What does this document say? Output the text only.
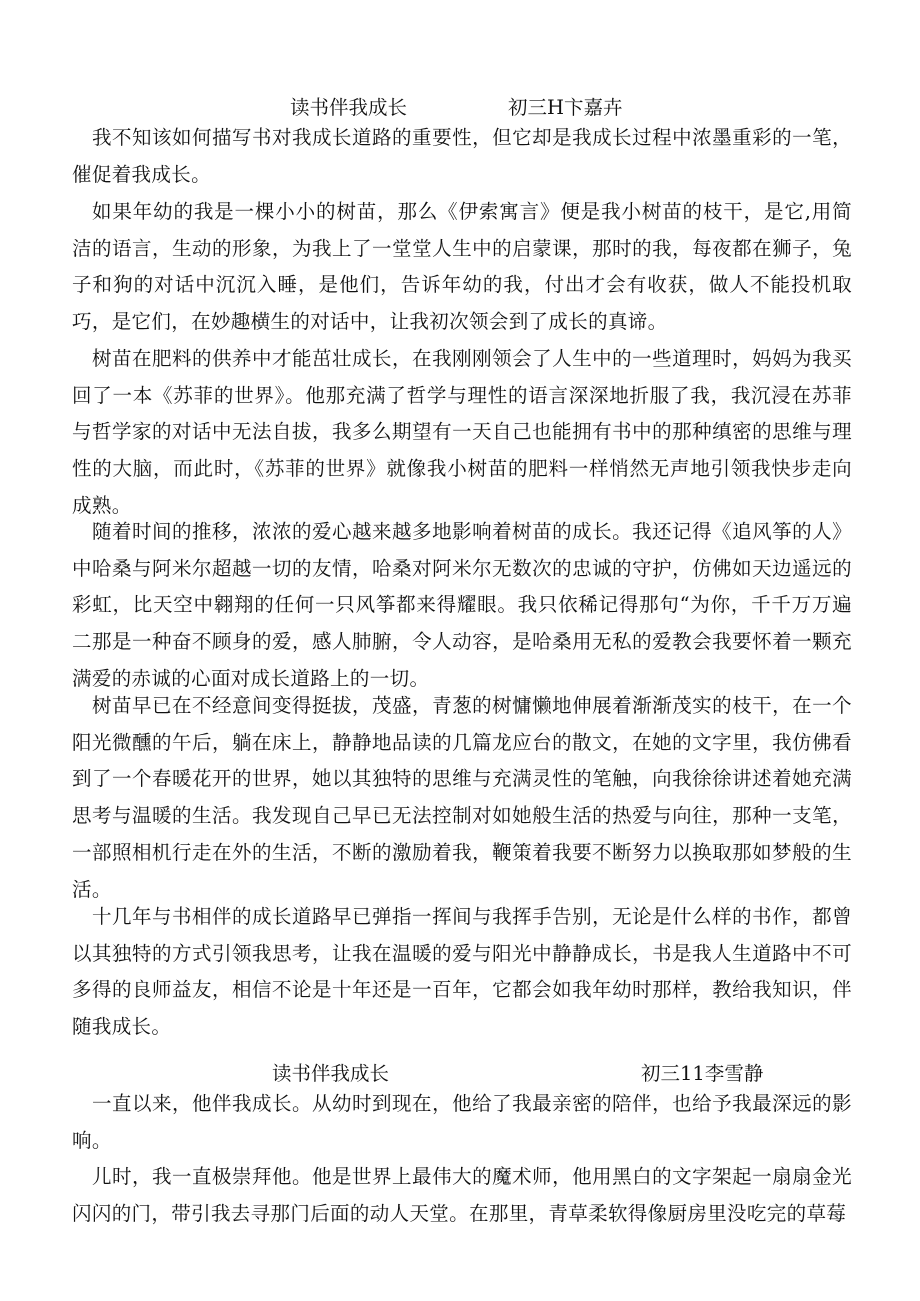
读书伴我成长	初三H卞嘉卉

我不知该如何描写书对我成长道路的重要性，但它却是我成长过程中浓墨重彩的一笔，催促着我成长。

如果年幼的我是一棵小小的树苗，那么《伊索寓言》便是我小树苗的枝干，是它,用简洁的语言，生动的形象，为我上了一堂堂人生中的启蒙课，那时的我，每夜都在狮子，兔子和狗的对话中沉沉入睡，是他们，告诉年幼的我，付出才会有收获，做人不能投机取巧，是它们，在妙趣横生的对话中，让我初次领会到了成长的真谛。

树苗在肥料的供养中才能茁壮成长，在我刚刚领会了人生中的一些道理时，妈妈为我买回了一本《苏菲的世界》。他那充满了哲学与理性的语言深深地折服了我，我沉浸在苏菲与哲学家的对话中无法自拔，我多么期望有一天自己也能拥有书中的那种缜密的思维与理性的大脑，而此时，《苏菲的世界》就像我小树苗的肥料一样悄然无声地引领我快步走向成熟。

随着时间的推移，浓浓的爱心越来越多地影响着树苗的成长。我还记得《追风筝的人》中哈桑与阿米尔超越一切的友情，哈桑对阿米尔无数次的忠诚的守护，仿佛如天边遥远的彩虹，比天空中翱翔的任何一只风筝都来得耀眼。我只依稀记得那句“为你，千千万万遍二那是一种奋不顾身的爱，感人肺腑，令人动容，是哈桑用无私的爱教会我要怀着一颗充满爱的赤诚的心面对成长道路上的一切。

树苗早已在不经意间变得挺拔，茂盛，青葱的树慵懒地伸展着渐渐茂实的枝干，在一个阳光微醺的午后，躺在床上，静静地品读的几篇龙应台的散文，在她的文字里，我仿佛看到了一个春暖花开的世界，她以其独特的思维与充满灵性的笔触，向我徐徐讲述着她充满思考与温暖的生活。我发现自己早已无法控制对如她般生活的热爱与向往，那种一支笔，一部照相机行走在外的生活，不断的激励着我，鞭策着我要不断努力以换取那如梦般的生活。

十几年与书相伴的成长道路早已弹指一挥间与我挥手告别，无论是什么样的书作，都曾以其独特的方式引领我思考，让我在温暖的爱与阳光中静静成长，书是我人生道路中不可多得的良师益友，相信不论是十年还是一百年，它都会如我年幼时那样，教给我知识，伴随我成长。

读书伴我成长	初三11李雪静

一直以来，他伴我成长。从幼时到现在，他给了我最亲密的陪伴，也给予我最深远的影响。

儿时，我一直极崇拜他。他是世界上最伟大的魔术师，他用黑白的文字架起一扇扇金光闪闪的门，带引我去寻那门后面的动人天堂。在那里，青草柔软得像厨房里没吃完的草莓
